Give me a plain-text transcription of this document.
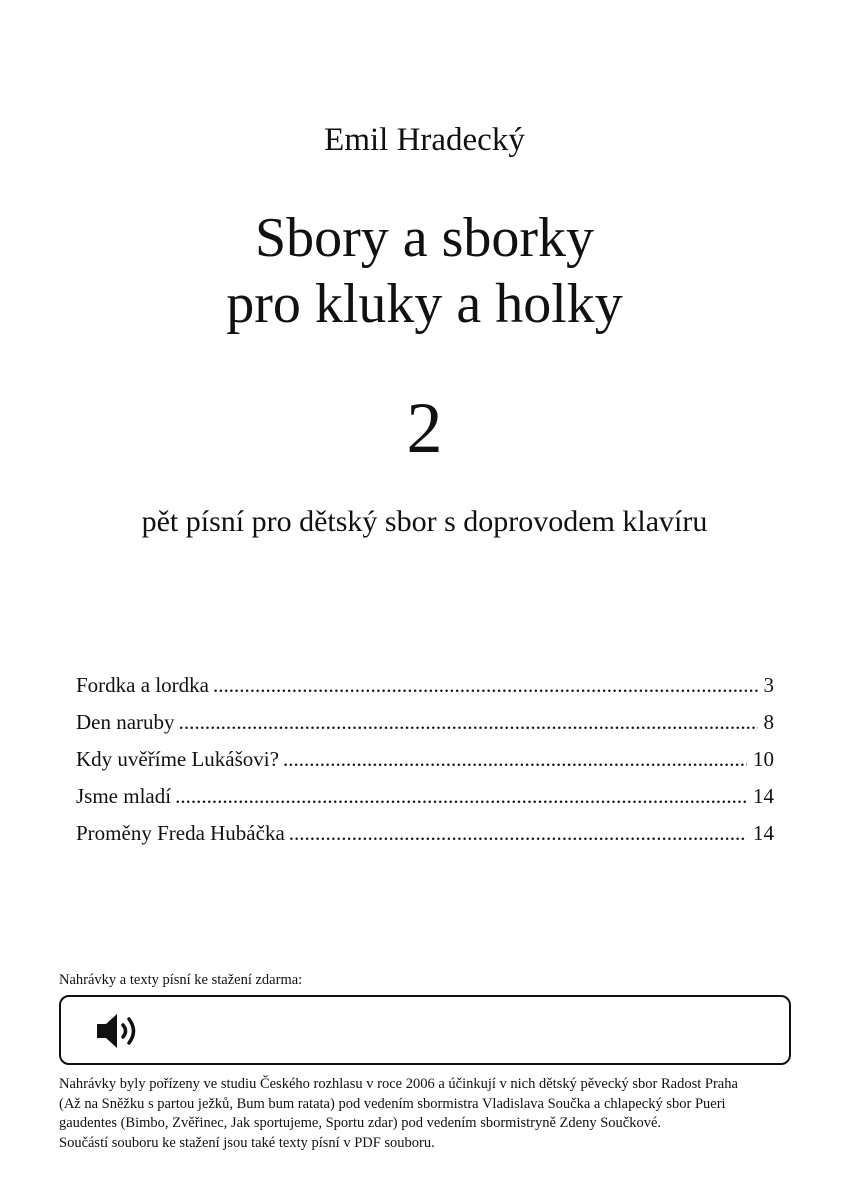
Emil Hradecký
Sbory a sborky
pro kluky a holky
2
pět písní pro dětský sbor s doprovodem klavíru
Fordka a lordka .....	3
Den naruby .....	8
Kdy uvěříme Lukášovi? .....	10
Jsme mladí .....	14
Proměny Freda Hubáčka .....	14
Nahrávky a texty písní ke stažení zdarma:
Nahrávky byly pořízeny ve studiu Českého rozhlasu v roce 2006 a účinkují v nich dětský pěvecký sbor Radost Praha
(Až na Sněžku s partou ježků, Bum bum ratata) pod vedením sbormistra Vladislava Součka a chlapecký sbor Pueri
gaudentes (Bimbo, Zvěřinec, Jak sportujeme, Sportu zdar) pod vedením sbormistryně Zdeny Součkové.
Součástí souboru ke stažení jsou také texty písní v PDF souboru.
